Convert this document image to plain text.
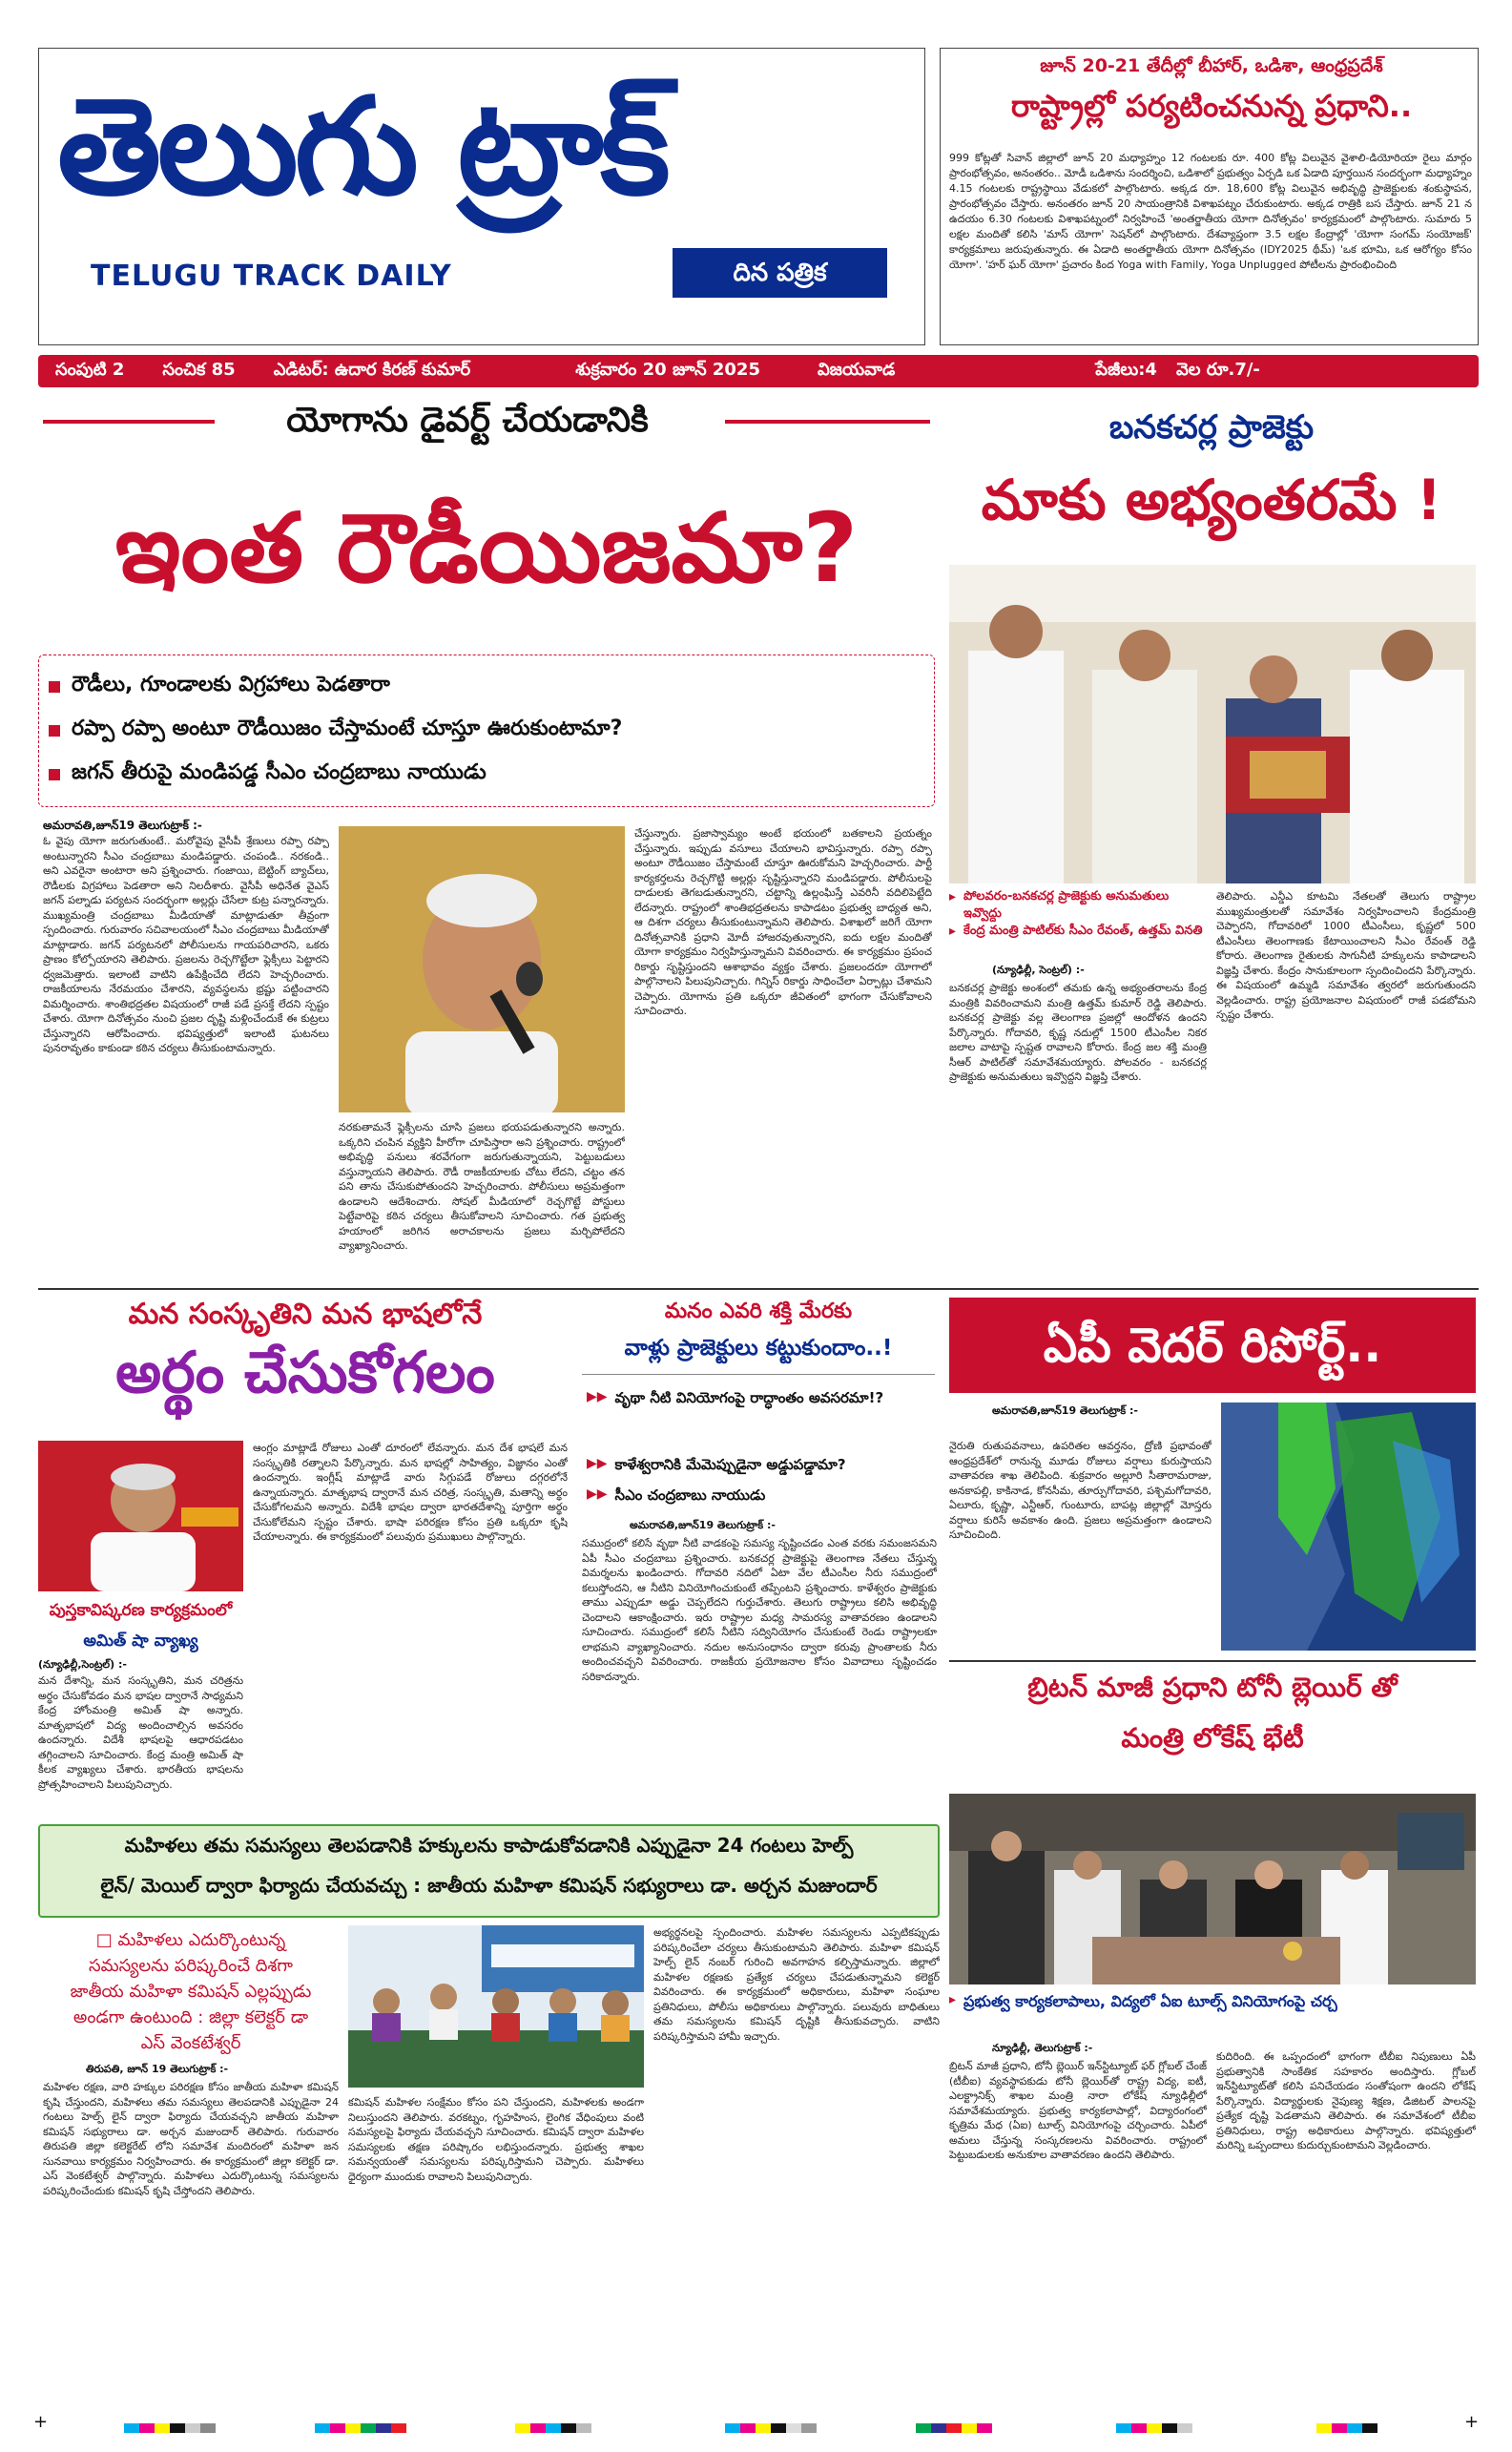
తెలుగు ట్రాక్
TELUGU TRACK DAILY	దిన పత్రిక
జూన్ 20-21 తేదీల్లో బీహార్, ఒడిశా, ఆంధ్రప్రదేశ్
రాష్ట్రాల్లో పర్యటించనున్న ప్రధాని..
999 కోట్లతో సివాన్ జిల్లాలో జూన్ 20 మధ్యాహ్నం 12 గంటలకు రూ. 400 కోట్ల విలువైన వైశాలి-డియోరియా రైలు మార్గం ప్రారంభోత్సవం, అనంతరం.. మోడీ ఒడిశాను సందర్శించి, ఒడిశాలో ప్రభుత్వం ఏర్పడి ఒక ఏడాది పూర్తయిన సందర్భంగా మధ్యాహ్నం 4.15 గంటలకు రాష్ట్రస్థాయి వేడుకలో పాల్గొంటారు. అక్కడ రూ. 18,600 కోట్ల విలువైన అభివృద్ధి ప్రాజెక్టులకు శంకుస్థాపన, ప్రారంభోత్సవం చేస్తారు. అనంతరం జూన్ 20 సాయంత్రానికి విశాఖపట్నం చేరుకుంటారు. అక్కడ రాత్రికి బస చేస్తారు. జూన్ 21 న ఉదయం 6.30 గంటలకు విశాఖపట్నంలో నిర్వహించే 'అంతర్జాతీయ యోగా దినోత్సవం' కార్యక్రమంలో పాల్గొంటారు. సుమారు 5 లక్షల మందితో కలిసి 'మాస్ యోగా' సెషన్‌లో పాల్గొంటారు. దేశవ్యాప్తంగా 3.5 లక్షల కేంద్రాల్లో 'యోగా సంగమ్ సంయోజక్' కార్యక్రమాలు జరుపుతున్నారు. ఈ ఏడాది అంతర్జాతీయ యోగా దినోత్సవం (IDY2025 థీమ్) 'ఒక భూమి, ఒక ఆరోగ్యం కోసం యోగా'. 'హర్ ఘర్ యోగా' ప్రచారం కింద Yoga with Family, Yoga Unplugged పోటీలను ప్రారంభించింది
సంపుటి 2 సంచిక 85 ఎడిటర్: ఉదార కిరణ్ కుమార్	శుక్రవారం 20 జూన్ 2025	విజయవాడ	పేజీలు:4 వెల రూ.7/-
యోగాను డైవర్ట్ చేయడానికి
ఇంత రౌడీయిజమా?
రౌడీలు, గూండాలకు విగ్రహాలు పెడతారా
రప్పా రప్పా అంటూ రౌడీయిజం చేస్తామంటే చూస్తూ ఊరుకుంటామా?
జగన్ తీరుపై మండిపడ్డ సీఎం చంద్రబాబు నాయుడు
అమరావతి,జూన్19 తెలుగుట్రాక్ :-
ఓ వైపు యోగా జరుగుతుంటే.. మరోవైపు వైసీపీ శ్రేణులు రప్పా రప్పా అంటున్నారని సీఎం చంద్రబాబు మండిపడ్డారు. చంపండి.. నరకండి.. అని ఎవరైనా అంటారా అని ప్రశ్నించారు. గంజాయి, బెట్టింగ్ బ్యాచ్‌లు, రౌడీలకు విగ్రహాలు పెడతారా అని నిలదీశారు. వైసీపీ అధినేత వైఎస్ జగన్ పల్నాడు పర్యటన సందర్భంగా అల్లర్లు చేసేలా కుట్ర పన్నారన్నారు. ముఖ్యమంత్రి చంద్రబాబు మీడియాతో మాట్లాడుతూ తీవ్రంగా స్పందించారు. గురువారం సచివాలయంలో సీఎం చంద్రబాబు మీడియాతో మాట్లాడారు. జగన్ పర్యటనలో పోలీసులను గాయపరిచారని, ఒకరు ప్రాణం కోల్పోయారని తెలిపారు. ప్రజలను రెచ్చగొట్టేలా ఫ్లెక్సీలు పెట్టారని ధ్వజమెత్తారు. ఇలాంటి వాటిని ఉపేక్షించేది లేదని హెచ్చరించారు. రాజకీయాలను నేరమయం చేశారని, వ్యవస్థలను భ్రష్టు పట్టించారని విమర్శించారు. శాంతిభద్రతల విషయంలో రాజీ పడే ప్రసక్తే లేదని స్పష్టం చేశారు. యోగా దినోత్సవం నుంచి ప్రజల దృష్టి మళ్లించేందుకే ఈ కుట్రలు చేస్తున్నారని ఆరోపించారు. భవిష్యత్తులో ఇలాంటి ఘటనలు పునరావృతం కాకుండా కఠిన చర్యలు తీసుకుంటామన్నారు.
నరకుతామనే ఫ్లెక్సీలను చూసి ప్రజలు భయపడుతున్నారని అన్నారు. ఒక్కరిని చంపిన వ్యక్తిని హీరోగా చూపిస్తారా అని ప్రశ్నించారు. రాష్ట్రంలో అభివృద్ధి పనులు శరవేగంగా జరుగుతున్నాయని, పెట్టుబడులు వస్తున్నాయని తెలిపారు. రౌడీ రాజకీయాలకు చోటు లేదని, చట్టం తన పని తాను చేసుకుపోతుందని హెచ్చరించారు. పోలీసులు అప్రమత్తంగా ఉండాలని ఆదేశించారు. సోషల్ మీడియాలో రెచ్చగొట్టే పోస్టులు పెట్టేవారిపై కఠిన చర్యలు తీసుకోవాలని సూచించారు. గత ప్రభుత్వ హయాంలో జరిగిన అరాచకాలను ప్రజలు మర్చిపోలేదని వ్యాఖ్యానించారు.
చేస్తున్నారు. ప్రజాస్వామ్యం అంటే భయంలో బతకాలని ప్రయత్నం చేస్తున్నారు. ఇప్పుడు వసూలు చేయాలని భావిస్తున్నారు. రప్పా రప్పా అంటూ రౌడీయిజం చేస్తామంటే చూస్తూ ఊరుకోమని హెచ్చరించారు. పార్టీ కార్యకర్తలను రెచ్చగొట్టి అల్లర్లు సృష్టిస్తున్నారని మండిపడ్డారు. పోలీసులపై దాడులకు తెగబడుతున్నారని, చట్టాన్ని ఉల్లంఘిస్తే ఎవరినీ వదిలిపెట్టేది లేదన్నారు. రాష్ట్రంలో శాంతిభద్రతలను కాపాడటం ప్రభుత్వ బాధ్యత అని, ఆ దిశగా చర్యలు తీసుకుంటున్నామని తెలిపారు. విశాఖలో జరిగే యోగా దినోత్సవానికి ప్రధాని మోదీ హాజరవుతున్నారని, ఐదు లక్షల మందితో యోగా కార్యక్రమం నిర్వహిస్తున్నామని వివరించారు. ఈ కార్యక్రమం ప్రపంచ రికార్డు సృష్టిస్తుందని ఆశాభావం వ్యక్తం చేశారు. ప్రజలందరూ యోగాలో పాల్గొనాలని పిలుపునిచ్చారు. గిన్నిస్ రికార్డు సాధించేలా ఏర్పాట్లు చేశామని చెప్పారు. యోగాను ప్రతి ఒక్కరూ జీవితంలో భాగంగా చేసుకోవాలని సూచించారు.
బనకచర్ల ప్రాజెక్టు
మాకు అభ్యంతరమే !
▸ పోలవరం-బనకచర్ల ప్రాజెక్టుకు అనుమతులు ఇవ్వొద్దు
▸ కేంద్ర మంత్రి పాటిల్‌కు సీఎం రేవంత్, ఉత్తమ్ వినతి
(న్యూఢిల్లీ, సెంట్రల్) :-
బనకచర్ల ప్రాజెక్టు అంశంలో తమకు ఉన్న అభ్యంతరాలను కేంద్ర మంత్రికి వివరించామని మంత్రి ఉత్తమ్ కుమార్ రెడ్డి తెలిపారు. బనకచర్ల ప్రాజెక్టు వల్ల తెలంగాణ ప్రజల్లో ఆందోళన ఉందని పేర్కొన్నారు. గోదావరి, కృష్ణ నదుల్లో 1500 టీఎంసీల నికర జలాల వాటాపై స్పష్టత రావాలని కోరారు. కేంద్ర జల శక్తి మంత్రి సీఆర్ పాటిల్‌తో సమావేశమయ్యారు. పోలవరం - బనకచర్ల ప్రాజెక్టుకు అనుమతులు ఇవ్వొద్దని విజ్ఞప్తి చేశారు.
తెలిపారు. ఎన్డీఎ కూటమి నేతలతో తెలుగు రాష్ట్రాల ముఖ్యమంత్రులతో సమావేశం నిర్వహించాలని కేంద్రమంత్రి చెప్పారని, గోదావరిలో 1000 టీఎంసీలు, కృష్ణలో 500 టీఎంసీలు తెలంగాణకు కేటాయించాలని సీఎం రేవంత్ రెడ్డి కోరారు. తెలంగాణ రైతులకు సాగునీటి హక్కులను కాపాడాలని విజ్ఞప్తి చేశారు. కేంద్రం సానుకూలంగా స్పందించిందని పేర్కొన్నారు. ఈ విషయంలో ఉమ్మడి సమావేశం త్వరలో జరుగుతుందని వెల్లడించారు. రాష్ట్ర ప్రయోజనాల విషయంలో రాజీ పడబోమని స్పష్టం చేశారు.
మన సంస్కృతిని మన భాషలోనే
అర్థం చేసుకోగలం
పుస్తకావిష్కరణ కార్యక్రమంలో
అమిత్ షా వ్యాఖ్య
(న్యూఢిల్లీ,సెంట్రల్) :-
మన దేశాన్ని, మన సంస్కృతిని, మన చరిత్రను అర్థం చేసుకోవడం మన భాషల ద్వారానే సాధ్యమని కేంద్ర హోంమంత్రి అమిత్ షా అన్నారు. మాతృభాషలో విద్య అందించాల్సిన అవసరం ఉందన్నారు. విదేశీ భాషలపై ఆధారపడటం తగ్గించాలని సూచించారు. కేంద్ర మంత్రి అమిత్ షా కీలక వ్యాఖ్యలు చేశారు. భారతీయ భాషలను ప్రోత్సహించాలని పిలుపునిచ్చారు.
ఆంగ్లం మాట్లాడే రోజులు ఎంతో దూరంలో లేవన్నారు. మన దేశ భాషలే మన సంస్కృతికి రత్నాలని పేర్కొన్నారు. మన భాషల్లో సాహిత్యం, విజ్ఞానం ఎంతో ఉందన్నారు. ఇంగ్లీష్ మాట్లాడే వారు సిగ్గుపడే రోజులు దగ్గరలోనే ఉన్నాయన్నారు. మాతృభాష ద్వారానే మన చరిత్ర, సంస్కృతి, మతాన్ని అర్థం చేసుకోగలమని అన్నారు. విదేశీ భాషల ద్వారా భారతదేశాన్ని పూర్తిగా అర్థం చేసుకోలేమని స్పష్టం చేశారు. భాషా పరిరక్షణ కోసం ప్రతి ఒక్కరూ కృషి చేయాలన్నారు. ఈ కార్యక్రమంలో పలువురు ప్రముఖులు పాల్గొన్నారు.
మనం ఎవరి శక్తి మేరకు
వాళ్లు ప్రాజెక్టులు కట్టుకుందాం..!
▶▶ వృథా నీటి వినియోగంపై రాద్ధాంతం అవసరమా!?
▶▶ కాళేశ్వరానికి మేమెప్పుడైనా అడ్డుపడ్డామా?
▶▶ సీఎం చంద్రబాబు నాయుడు
అమరావతి,జూన్19 తెలుగుట్రాక్ :-
సముద్రంలో కలిసే వృథా నీటి వాడకంపై సమస్య సృష్టించడం ఎంత వరకు సమంజసమని ఏపీ సీఎం చంద్రబాబు ప్రశ్నించారు. బనకచర్ల ప్రాజెక్టుపై తెలంగాణ నేతలు చేస్తున్న విమర్శలను ఖండించారు. గోదావరి నదిలో ఏటా వేల టీఎంసీల నీరు సముద్రంలో కలుస్తోందని, ఆ నీటిని వినియోగించుకుంటే తప్పేంటని ప్రశ్నించారు. కాళేశ్వరం ప్రాజెక్టుకు తాము ఎప్పుడూ అడ్డు చెప్పలేదని గుర్తుచేశారు. తెలుగు రాష్ట్రాలు కలిసి అభివృద్ధి చెందాలని ఆకాంక్షించారు. ఇరు రాష్ట్రాల మధ్య సామరస్య వాతావరణం ఉండాలని సూచించారు. సముద్రంలో కలిసే నీటిని సద్వినియోగం చేసుకుంటే రెండు రాష్ట్రాలకూ లాభమని వ్యాఖ్యానించారు. నదుల అనుసంధానం ద్వారా కరువు ప్రాంతాలకు నీరు అందించవచ్చని వివరించారు. రాజకీయ ప్రయోజనాల కోసం వివాదాలు సృష్టించడం సరికాదన్నారు.
ఏపీ వెదర్ రిపోర్ట్..
అమరావతి,జూన్19 తెలుగుట్రాక్ :-
నైరుతి రుతుపవనాలు, ఉపరితల ఆవర్తనం, ద్రోణి ప్రభావంతో ఆంధ్రప్రదేశ్‌లో రానున్న మూడు రోజులు వర్షాలు కురుస్తాయని వాతావరణ శాఖ తెలిపింది. శుక్రవారం అల్లూరి సీతారామరాజు, అనకాపల్లి, కాకినాడ, కోనసీమ, తూర్పుగోదావరి, పశ్చిమగోదావరి, ఏలూరు, కృష్ణా, ఎన్టీఆర్, గుంటూరు, బాపట్ల జిల్లాల్లో మోస్తరు వర్షాలు కురిసే అవకాశం ఉంది. ప్రజలు అప్రమత్తంగా ఉండాలని సూచించింది.
బ్రిటన్ మాజీ ప్రధాని టోనీ బ్లెయిర్ తో
మంత్రి లోకేష్ భేటీ
▸ ప్రభుత్వ కార్యకలాపాలు, విద్యలో ఏఐ టూల్స్ వినియోగంపై చర్చ
న్యూఢిల్లీ, తెలుగుట్రాక్ :-
బ్రిటన్ మాజీ ప్రధాని, టోనీ బ్లెయిర్ ఇన్‌స్టిట్యూట్ ఫర్ గ్లోబల్ చేంజ్ (టీబీఐ) వ్యవస్థాపకుడు టోనీ బ్లెయిర్‌తో రాష్ట్ర విద్య, ఐటీ, ఎలక్ట్రానిక్స్ శాఖల మంత్రి నారా లోకేష్ న్యూఢిల్లీలో సమావేశమయ్యారు. ప్రభుత్వ కార్యకలాపాల్లో, విద్యారంగంలో కృత్రిమ మేధ (ఏఐ) టూల్స్ వినియోగంపై చర్చించారు. ఏపీలో అమలు చేస్తున్న సంస్కరణలను వివరించారు. రాష్ట్రంలో పెట్టుబడులకు అనుకూల వాతావరణం ఉందని తెలిపారు.
కుదిరింది. ఈ ఒప్పందంలో భాగంగా టీబీఐ నిపుణులు ఏపీ ప్రభుత్వానికి సాంకేతిక సహకారం అందిస్తారు. గ్లోబల్ ఇన్‌స్టిట్యూట్‌తో కలిసి పనిచేయడం సంతోషంగా ఉందని లోకేష్ పేర్కొన్నారు. విద్యార్థులకు నైపుణ్య శిక్షణ, డిజిటల్ పాలనపై ప్రత్యేక దృష్టి పెడతామని తెలిపారు. ఈ సమావేశంలో టీబీఐ ప్రతినిధులు, రాష్ట్ర అధికారులు పాల్గొన్నారు. భవిష్యత్తులో మరిన్ని ఒప్పందాలు కుదుర్చుకుంటామని వెల్లడించారు.
మహిళలు తమ సమస్యలు తెలపడానికి హక్కులను కాపాడుకోవడానికి ఎప్పుడైనా 24 గంటలు హెల్ప్
లైన్/ మెయిల్ ద్వారా ఫిర్యాదు చేయవచ్చు : జాతీయ మహిళా కమిషన్ సభ్యురాలు డా. అర్చన మజుందార్
□ మహిళలు ఎదుర్కొంటున్న
సమస్యలను పరిష్కరించే దిశగా
జాతీయ మహిళా కమిషన్ ఎల్లప్పుడు
అండగా ఉంటుంది : జిల్లా కలెక్టర్ డా
ఎస్ వెంకటేశ్వర్
తిరుపతి, జూన్ 19 తెలుగుట్రాక్ :-
మహిళల రక్షణ, వారి హక్కుల పరిరక్షణ కోసం జాతీయ మహిళా కమిషన్ కృషి చేస్తుందని, మహిళలు తమ సమస్యలు తెలపడానికి ఎప్పుడైనా 24 గంటలు హెల్ప్ లైన్ ద్వారా ఫిర్యాదు చేయవచ్చని జాతీయ మహిళా కమిషన్ సభ్యురాలు డా. అర్చన మజుందార్ తెలిపారు. గురువారం తిరుపతి జిల్లా కలెక్టరేట్ లోని సమావేశ మందిరంలో మహిళా జన సునవాయి కార్యక్రమం నిర్వహించారు. ఈ కార్యక్రమంలో జిల్లా కలెక్టర్ డా. ఎస్ వెంకటేశ్వర్ పాల్గొన్నారు. మహిళలు ఎదుర్కొంటున్న సమస్యలను పరిష్కరించేందుకు కమిషన్ కృషి చేస్తోందని తెలిపారు.
కమిషన్ మహిళల సంక్షేమం కోసం పని చేస్తుందని, మహిళలకు అండగా నిలుస్తుందని తెలిపారు. వరకట్నం, గృహహింస, లైంగిక వేధింపులు వంటి సమస్యలపై ఫిర్యాదు చేయవచ్చని సూచించారు. కమిషన్ ద్వారా మహిళల సమస్యలకు తక్షణ పరిష్కారం లభిస్తుందన్నారు. ప్రభుత్వ శాఖల సమన్వయంతో సమస్యలను పరిష్కరిస్తామని చెప్పారు. మహిళలు ధైర్యంగా ముందుకు రావాలని పిలుపునిచ్చారు.
అభ్యర్థనలపై స్పందించారు. మహిళల సమస్యలను ఎప్పటికప్పుడు పరిష్కరించేలా చర్యలు తీసుకుంటామని తెలిపారు. మహిళా కమిషన్ హెల్ప్ లైన్ నంబర్ గురించి అవగాహన కల్పిస్తామన్నారు. జిల్లాలో మహిళల రక్షణకు ప్రత్యేక చర్యలు చేపడుతున్నామని కలెక్టర్ వివరించారు. ఈ కార్యక్రమంలో అధికారులు, మహిళా సంఘాల ప్రతినిధులు, పోలీసు అధికారులు పాల్గొన్నారు. పలువురు బాధితులు తమ సమస్యలను కమిషన్ దృష్టికి తీసుకువచ్చారు. వాటిని పరిష్కరిస్తామని హామీ ఇచ్చారు.
+	+
